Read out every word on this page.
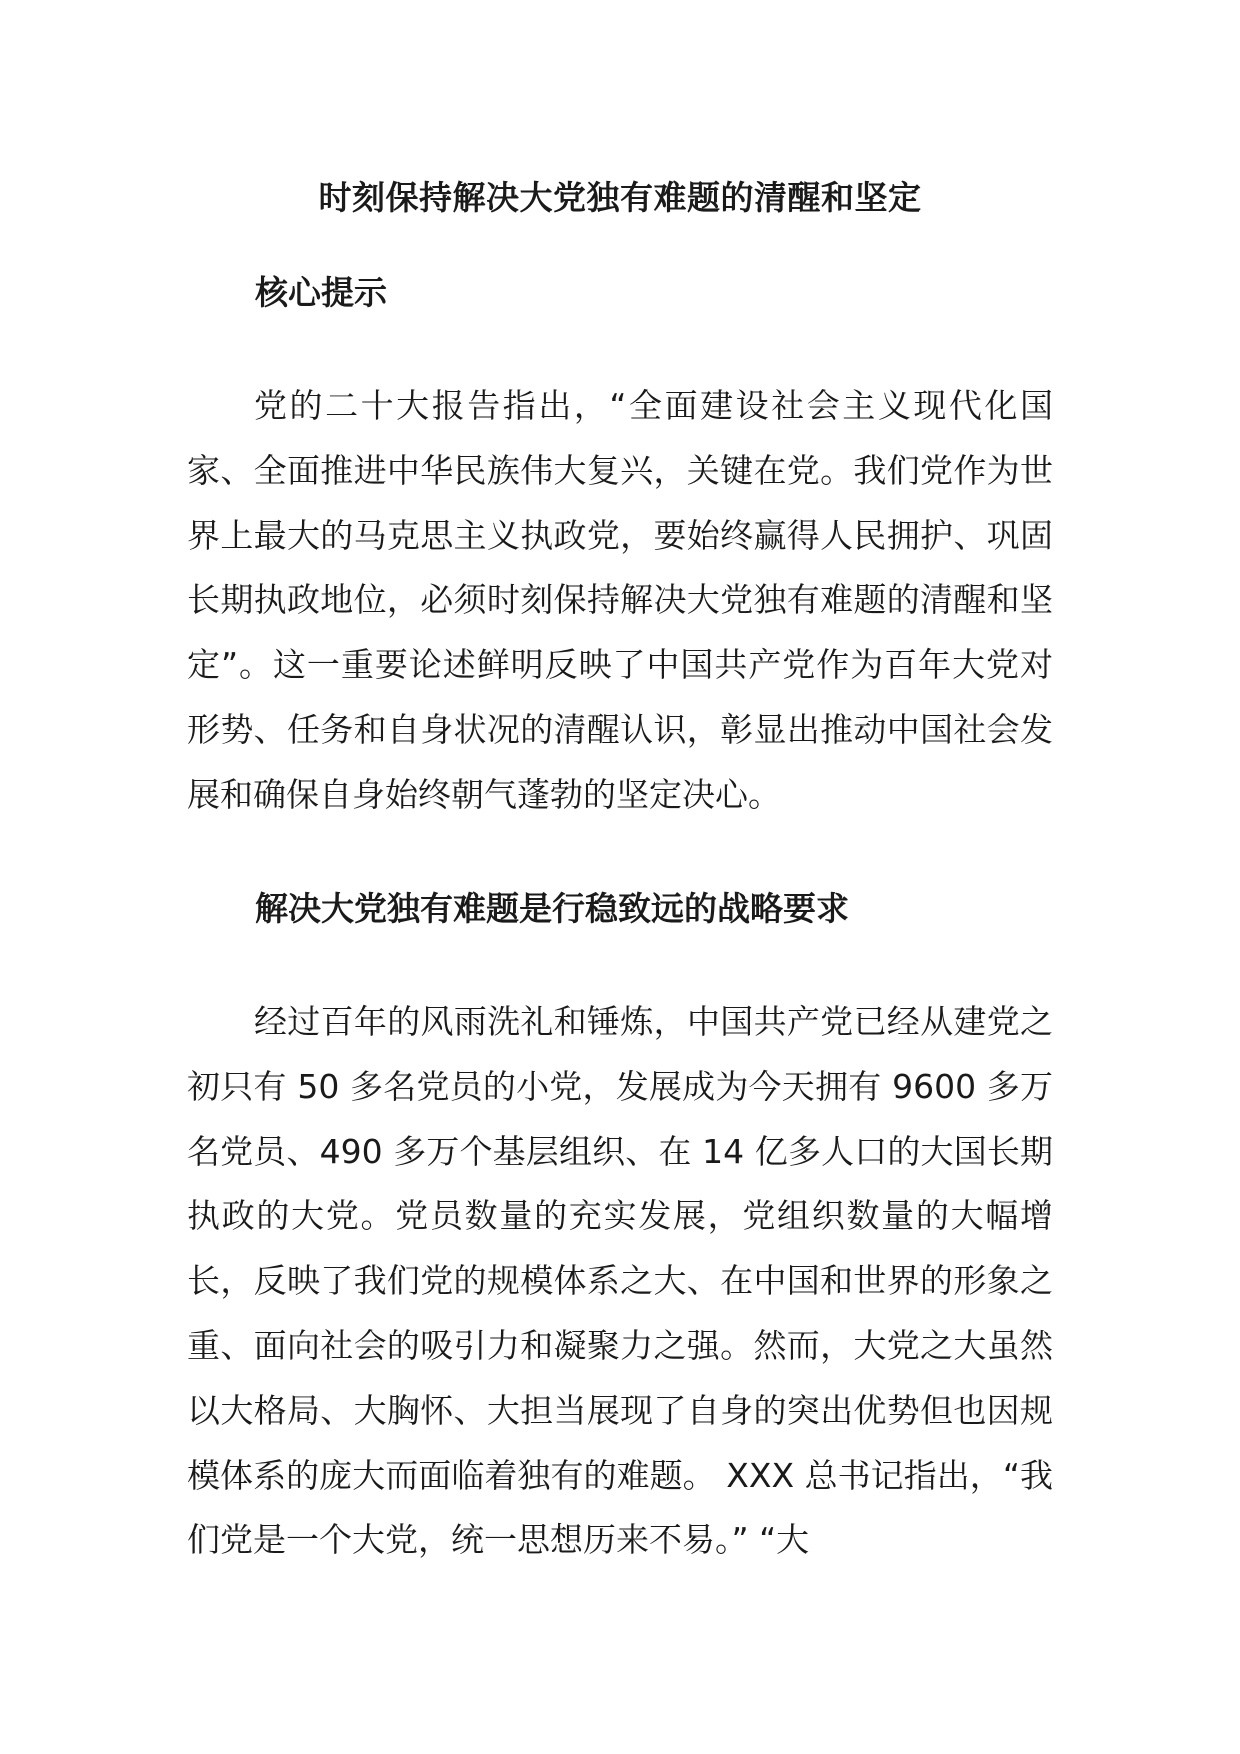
时刻保持解决大党独有难题的清醒和坚定
核心提示

党的二十大报告指出，“全面建设社会主义现代化国家、全面推进中华民族伟大复兴，关键在党。我们党作为世界上最大的马克思主义执政党，要始终赢得人民拥护、巩固长期执政地位，必须时刻保持解决大党独有难题的清醒和坚定”。这一重要论述鲜明反映了中国共产党作为百年大党对形势、任务和自身状况的清醒认识，彰显出推动中国社会发展和确保自身始终朝气蓬勃的坚定决心。

解决大党独有难题是行稳致远的战略要求

经过百年的风雨洗礼和锤炼，中国共产党已经从建党之初只有 50 多名党员的小党，发展成为今天拥有 9600 多万名党员、490 多万个基层组织、在 14 亿多人口的大国长期执政的大党。党员数量的充实发展，党组织数量的大幅增长，反映了我们党的规模体系之大、在中国和世界的形象之重、面向社会的吸引力和凝聚力之强。然而，大党之大虽然以大格局、大胸怀、大担当展现了自身的突出优势但也因规模体系的庞大而面临着独有的难题。 XXX 总书记指出，“我们党是一个大党，统一思想历来不易。” “大
